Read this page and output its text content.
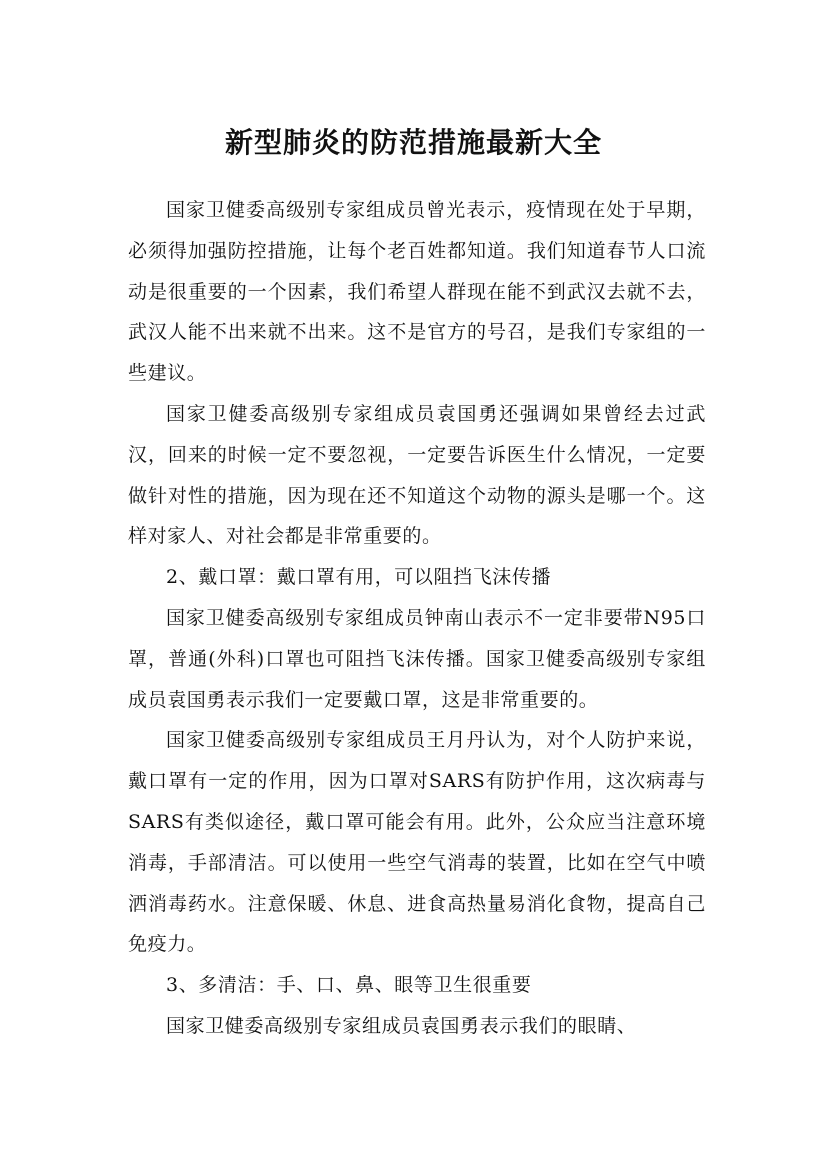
新型肺炎的防范措施最新大全

国家卫健委高级别专家组成员曾光表示，疫情现在处于早期，必须得加强防控措施，让每个老百姓都知道。我们知道春节人口流动是很重要的一个因素，我们希望人群现在能不到武汉去就不去，武汉人能不出来就不出来。这不是官方的号召，是我们专家组的一些建议。

国家卫健委高级别专家组成员袁国勇还强调如果曾经去过武汉，回来的时候一定不要忽视，一定要告诉医生什么情况，一定要做针对性的措施，因为现在还不知道这个动物的源头是哪一个。这样对家人、对社会都是非常重要的。

2、戴口罩：戴口罩有用，可以阻挡飞沫传播

国家卫健委高级别专家组成员钟南山表示不一定非要带N95口罩，普通(外科)口罩也可阻挡飞沫传播。国家卫健委高级别专家组成员袁国勇表示我们一定要戴口罩，这是非常重要的。

国家卫健委高级别专家组成员王月丹认为，对个人防护来说，戴口罩有一定的作用，因为口罩对SARS有防护作用，这次病毒与SARS有类似途径，戴口罩可能会有用。此外，公众应当注意环境消毒，手部清洁。可以使用一些空气消毒的装置，比如在空气中喷洒消毒药水。注意保暖、休息、进食高热量易消化食物，提高自己免疫力。

3、多清洁：手、口、鼻、眼等卫生很重要

国家卫健委高级别专家组成员袁国勇表示我们的眼睛、
